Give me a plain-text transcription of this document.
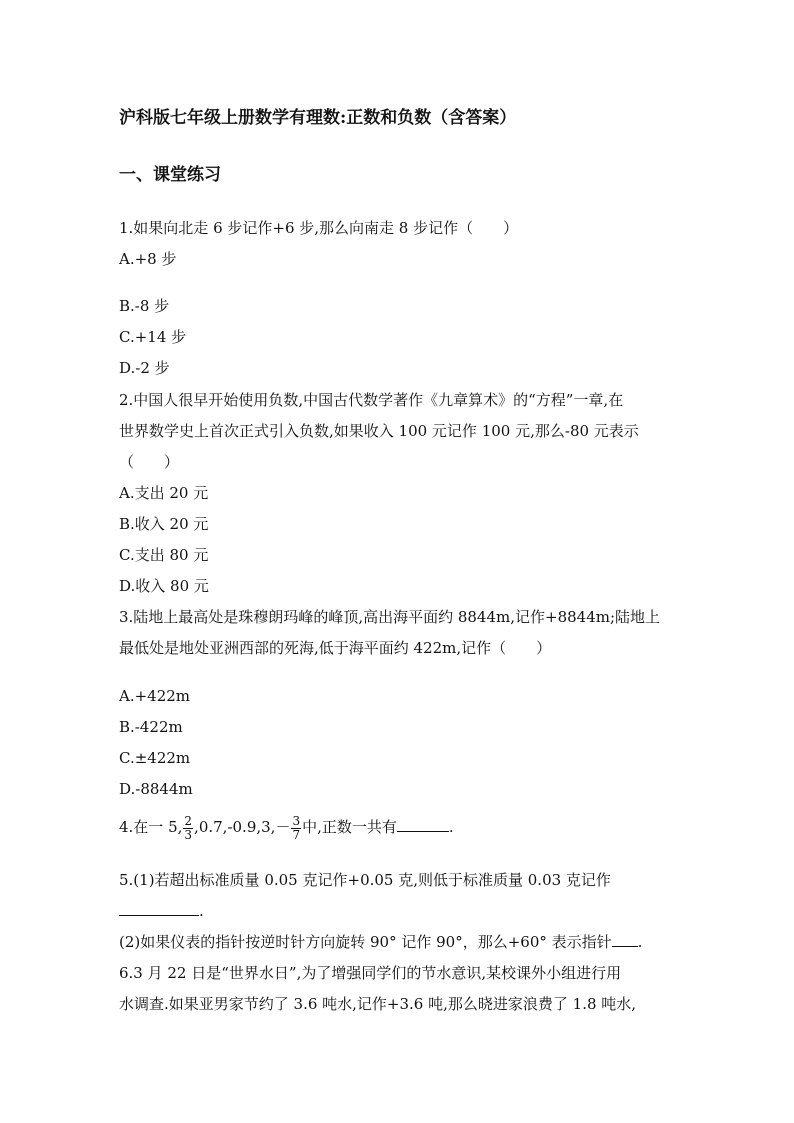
沪科版七年级上册数学有理数:正数和负数（含答案）
一、课堂练习
1.如果向北走 6 步记作+6 步,那么向南走 8 步记作（　　）
A.+8 步
B.-8 步
C.+14 步
D.-2 步
2.中国人很早开始使用负数,中国古代数学著作《九章算术》的“方程”一章,在
世界数学史上首次正式引入负数,如果收入 100 元记作 100 元,那么-80 元表示
（　　）
A.支出 20 元
B.收入 20 元
C.支出 80 元
D.收入 80 元
3.陆地上最高处是珠穆朗玛峰的峰顶,高出海平面约 8844m,记作+8844m;陆地上
最低处是地处亚洲西部的死海,低于海平面约 422m,记作（　　）
A.+422m
B.-422m
C.±422m
D.-8844m
4.在一 5, $\frac{2}{3} ,0.7,-0.9,3,- \frac{3}{7}$ 中,正数一共有	.
5.(1)若超出标准质量 0.05 克记作+0.05 克,则低于标准质量 0.03 克记作
.
(2)如果仪表的指针按逆时针方向旋转 90° 记作 90°，那么+60° 表示指针 .
6.3 月 22 日是“世界水日”,为了增强同学们的节水意识,某校课外小组进行用
水调查.如果亚男家节约了 3.6 吨水,记作+3.6 吨,那么晓进家浪费了 1.8 吨水,
